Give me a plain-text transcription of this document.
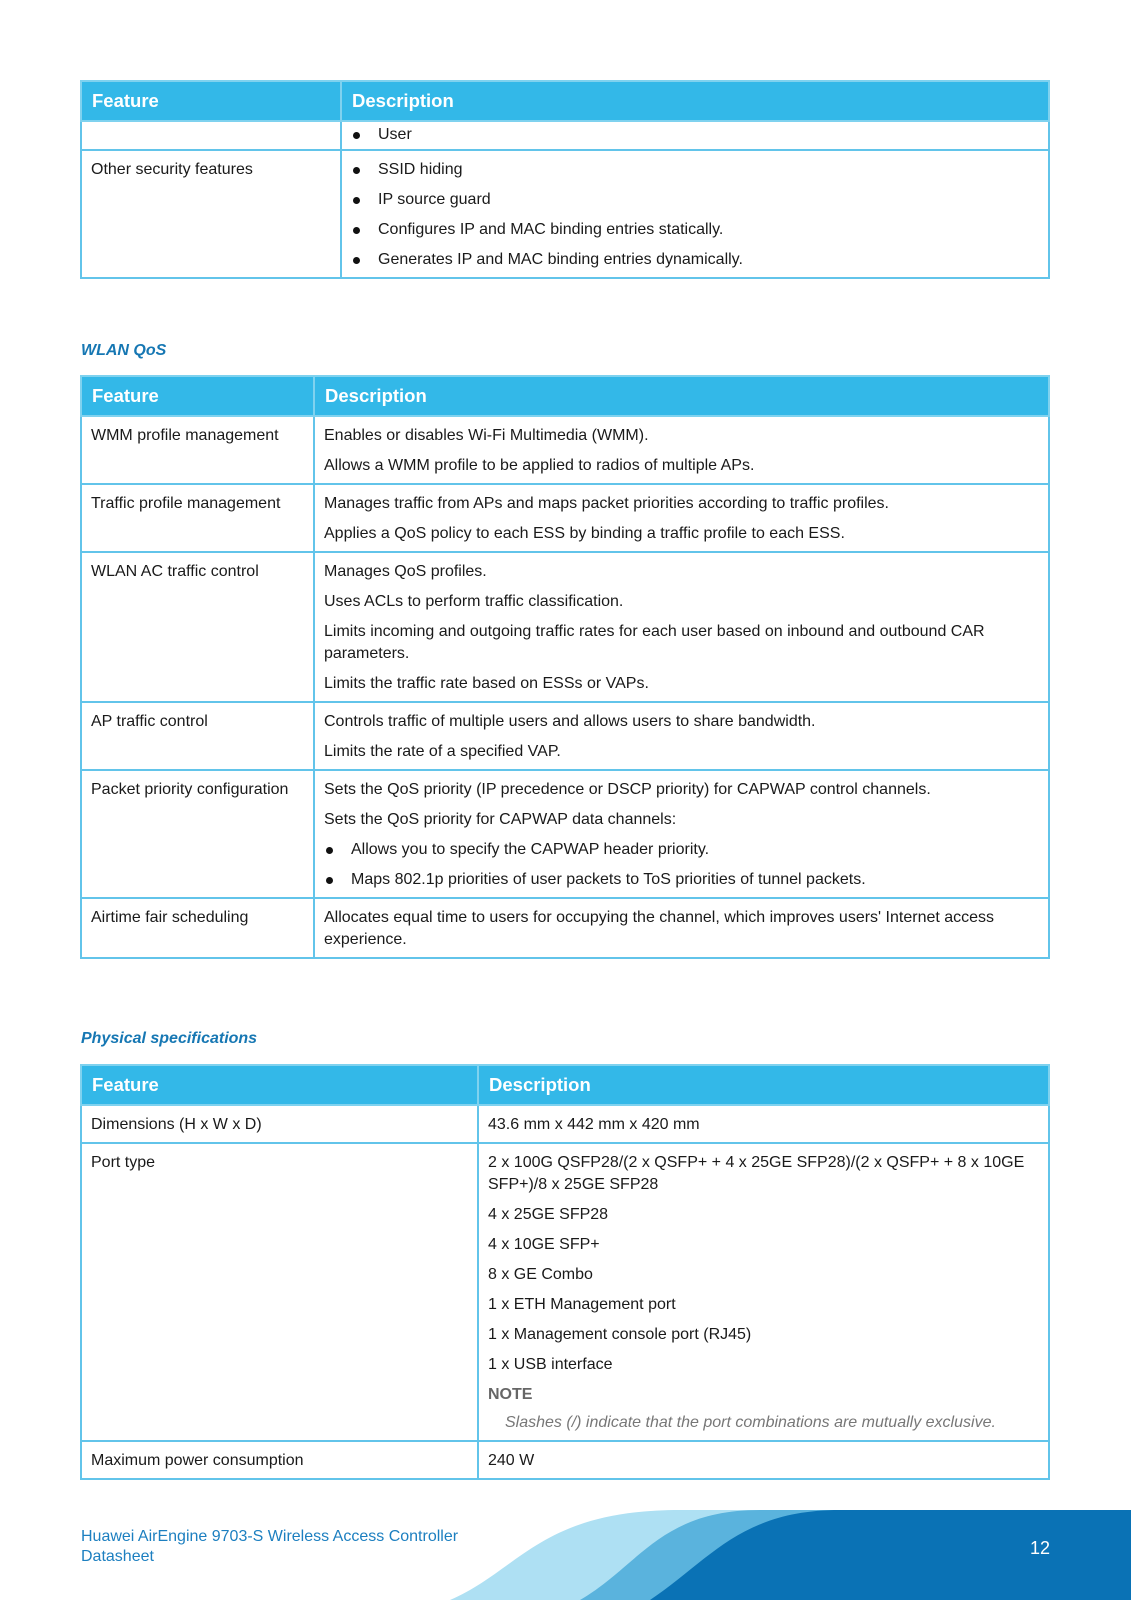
Feature	Description

	User

Other security features	SSID hiding
IP source guard
Configures IP and MAC binding entries statically.
Generates IP and MAC binding entries dynamically.
WLAN QoS
Feature	Description
WMM profile management	Enables or disables Wi-Fi Multimedia (WMM).

Allows a WMM profile to be applied to radios of multiple APs.

Traffic profile management	Manages traffic from APs and maps packet priorities according to traffic profiles.

Applies a QoS policy to each ESS by binding a traffic profile to each ESS.

WLAN AC traffic control	Manages QoS profiles.

Uses ACLs to perform traffic classification.

Limits incoming and outgoing traffic rates for each user based on inbound and outbound CAR parameters.

Limits the traffic rate based on ESSs or VAPs.

AP traffic control	Controls traffic of multiple users and allows users to share bandwidth.

Limits the rate of a specified VAP.

Packet priority configuration	Sets the QoS priority (IP precedence or DSCP priority) for CAPWAP control channels.

Sets the QoS priority for CAPWAP data channels:

Allows you to specify the CAPWAP header priority.
Maps 802.1p priorities of user packets to ToS priorities of tunnel packets.

Airtime fair scheduling	Allocates equal time to users for occupying the channel, which improves users' Internet access experience.

Physical specifications
Feature	Description
Dimensions (H x W x D)	43.6 mm x 442 mm x 420 mm

Port type	2 x 100G QSFP28/(2 x QSFP+ + 4 x 25GE SFP28)/(2 x QSFP+ + 8 x 10GE SFP+)/8 x 25GE SFP28

4 x 25GE SFP28

4 x 10GE SFP+

8 x GE Combo

1 x ETH Management port

1 x Management console port (RJ45)

1 x USB interface

NOTE

Slashes (/) indicate that the port combinations are mutually exclusive.

Maximum power consumption	240 W

Huawei AirEngine 9703-S Wireless Access Controller
Datasheet	12
